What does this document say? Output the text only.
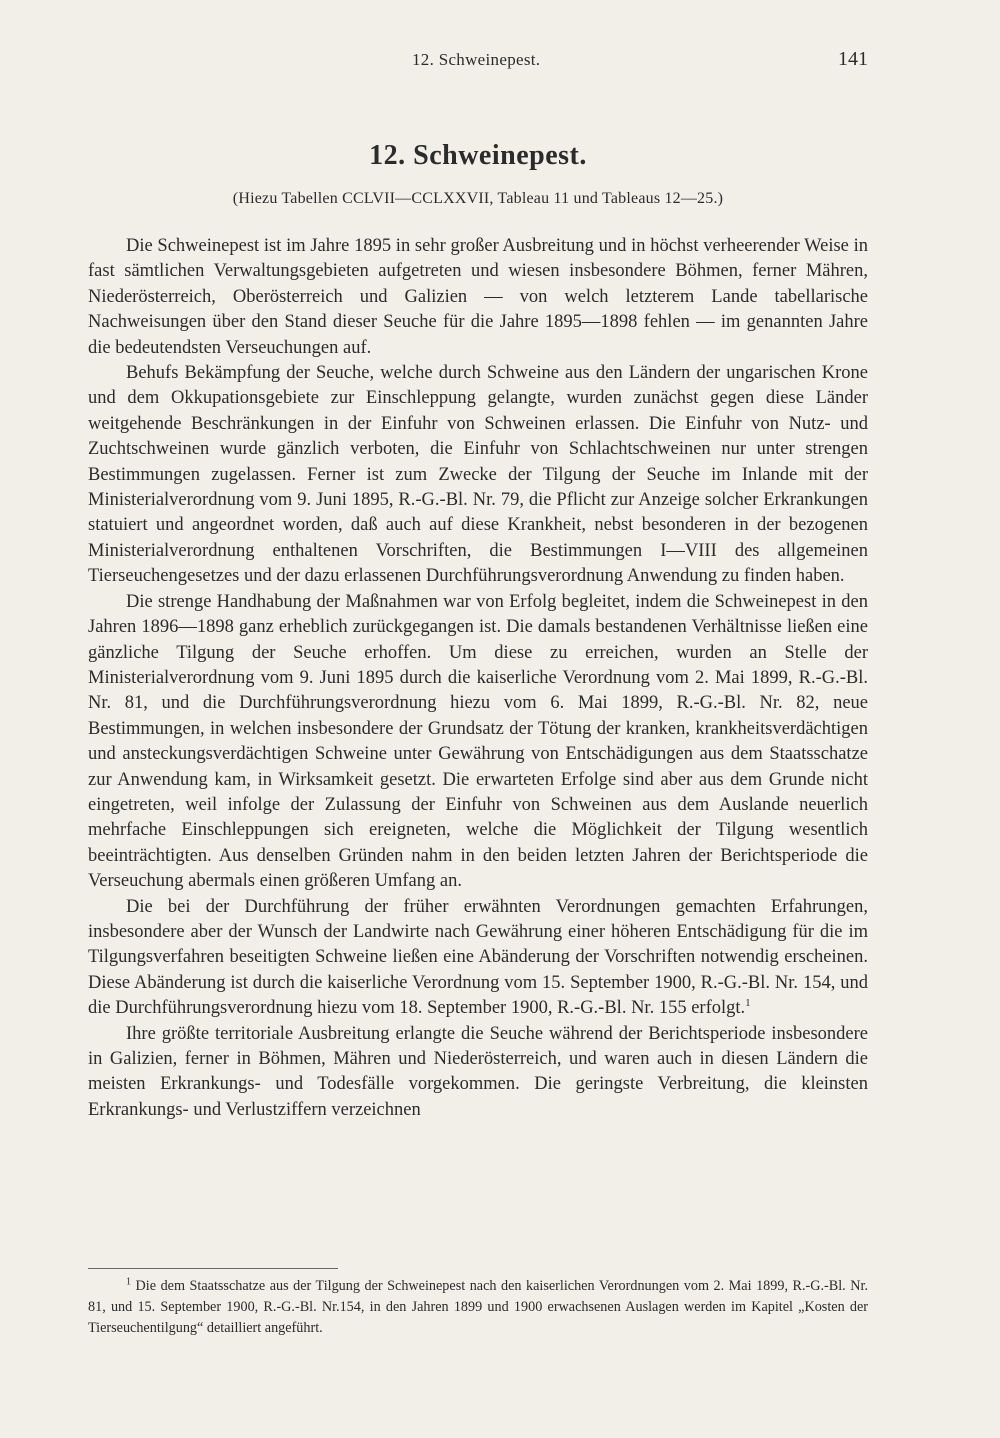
12. Schweinepest.	141
12. Schweinepest.
(Hiezu Tabellen CCLVII—CCLXXVII, Tableau 11 und Tableaus 12—25.)

Die Schweinepest ist im Jahre 1895 in sehr großer Ausbreitung und in höchst verheerender Weise in fast sämtlichen Verwaltungsgebieten aufgetreten und wiesen insbesondere Böhmen, ferner Mähren, Niederösterreich, Oberösterreich und Galizien — von welch letzterem Lande tabellarische Nachweisungen über den Stand dieser Seuche für die Jahre 1895—1898 fehlen — im genannten Jahre die bedeutendsten Verseuchungen auf.

Behufs Bekämpfung der Seuche, welche durch Schweine aus den Ländern der ungarischen Krone und dem Okkupationsgebiete zur Einschleppung gelangte, wurden zunächst gegen diese Länder weitgehende Beschränkungen in der Einfuhr von Schweinen erlassen. Die Einfuhr von Nutz- und Zuchtschweinen wurde gänzlich verboten, die Einfuhr von Schlachtschweinen nur unter strengen Bestimmungen zugelassen. Ferner ist zum Zwecke der Tilgung der Seuche im Inlande mit der Ministerialverordnung vom 9. Juni 1895, R.-G.-Bl. Nr. 79, die Pflicht zur Anzeige solcher Erkrankungen statuiert und angeordnet worden, daß auch auf diese Krankheit, nebst besonderen in der bezogenen Ministerialverordnung enthaltenen Vorschriften, die Bestimmungen I—VIII des allgemeinen Tierseuchengesetzes und der dazu erlassenen Durchführungsverordnung Anwendung zu finden haben.

Die strenge Handhabung der Maßnahmen war von Erfolg begleitet, indem die Schweinepest in den Jahren 1896—1898 ganz erheblich zurückgegangen ist. Die damals bestandenen Verhältnisse ließen eine gänzliche Tilgung der Seuche erhoffen. Um diese zu erreichen, wurden an Stelle der Ministerialverordnung vom 9. Juni 1895 durch die kaiserliche Verordnung vom 2. Mai 1899, R.-G.-Bl. Nr. 81, und die Durchführungsverordnung hiezu vom 6. Mai 1899, R.-G.-Bl. Nr. 82, neue Bestimmungen, in welchen insbesondere der Grundsatz der Tötung der kranken, krankheitsverdächtigen und ansteckungsverdächtigen Schweine unter Gewährung von Entschädigungen aus dem Staatsschatze zur Anwendung kam, in Wirksamkeit gesetzt. Die erwarteten Erfolge sind aber aus dem Grunde nicht eingetreten, weil infolge der Zulassung der Einfuhr von Schweinen aus dem Auslande neuerlich mehrfache Einschleppungen sich ereigneten, welche die Möglichkeit der Tilgung wesentlich beeinträchtigten. Aus denselben Gründen nahm in den beiden letzten Jahren der Berichtsperiode die Verseuchung abermals einen größeren Umfang an.

Die bei der Durchführung der früher erwähnten Verordnungen gemachten Erfahrungen, insbesondere aber der Wunsch der Landwirte nach Gewährung einer höheren Entschädigung für die im Tilgungsverfahren beseitigten Schweine ließen eine Abänderung der Vorschriften notwendig erscheinen. Diese Abänderung ist durch die kaiserliche Verordnung vom 15. September 1900, R.-G.-Bl. Nr. 154, und die Durchführungsverordnung hiezu vom 18. September 1900, R.-G.-Bl. Nr. 155 erfolgt.$^1$

Ihre größte territoriale Ausbreitung erlangte die Seuche während der Berichtsperiode insbesondere in Galizien, ferner in Böhmen, Mähren und Niederösterreich, und waren auch in diesen Ländern die meisten Erkrankungs- und Todesfälle vorgekommen. Die geringste Verbreitung, die kleinsten Erkrankungs- und Verlustziffern verzeichnen

$^1$ Die dem Staatsschatze aus der Tilgung der Schweinepest nach den kaiserlichen Verordnungen vom 2. Mai 1899, R.-G.-Bl. Nr. 81, und 15. September 1900, R.-G.-Bl. Nr.154, in den Jahren 1899 und 1900 erwachsenen Auslagen werden im Kapitel „Kosten der Tierseuchentilgung“ detailliert angeführt.
